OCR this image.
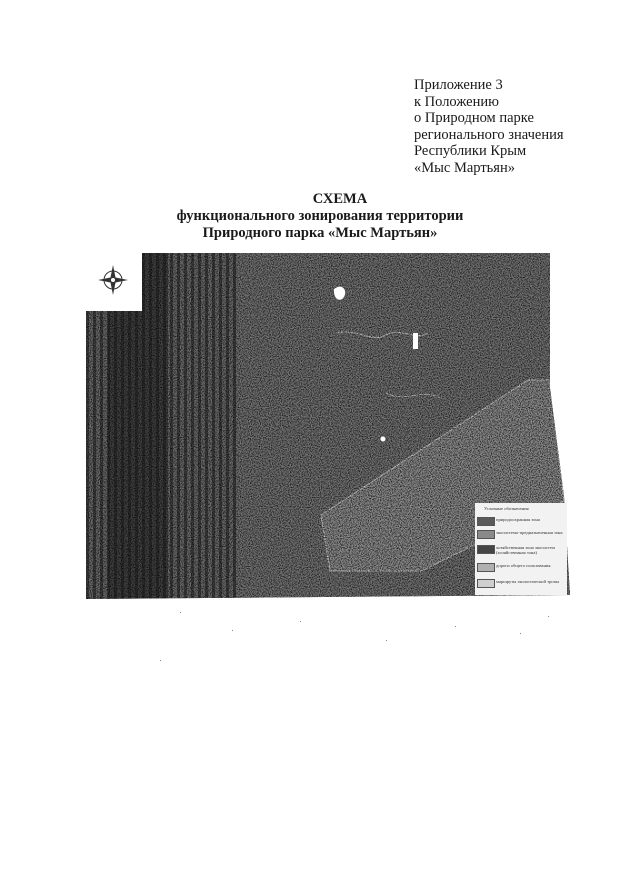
Приложение 3
к Положению
о Природном парке
регионального значения
Республики Крым
«Мыс Мартьян»
СХЕМА
функционального зонирования территории
Природного парка «Мыс Мартьян»
Условные обозначения
природоохранная зона
экосистемо-предназначенная зона
хозяйственная зона экосистем (хозяйственная зона)
дороги общего пользования
маршруты экологической тропы
